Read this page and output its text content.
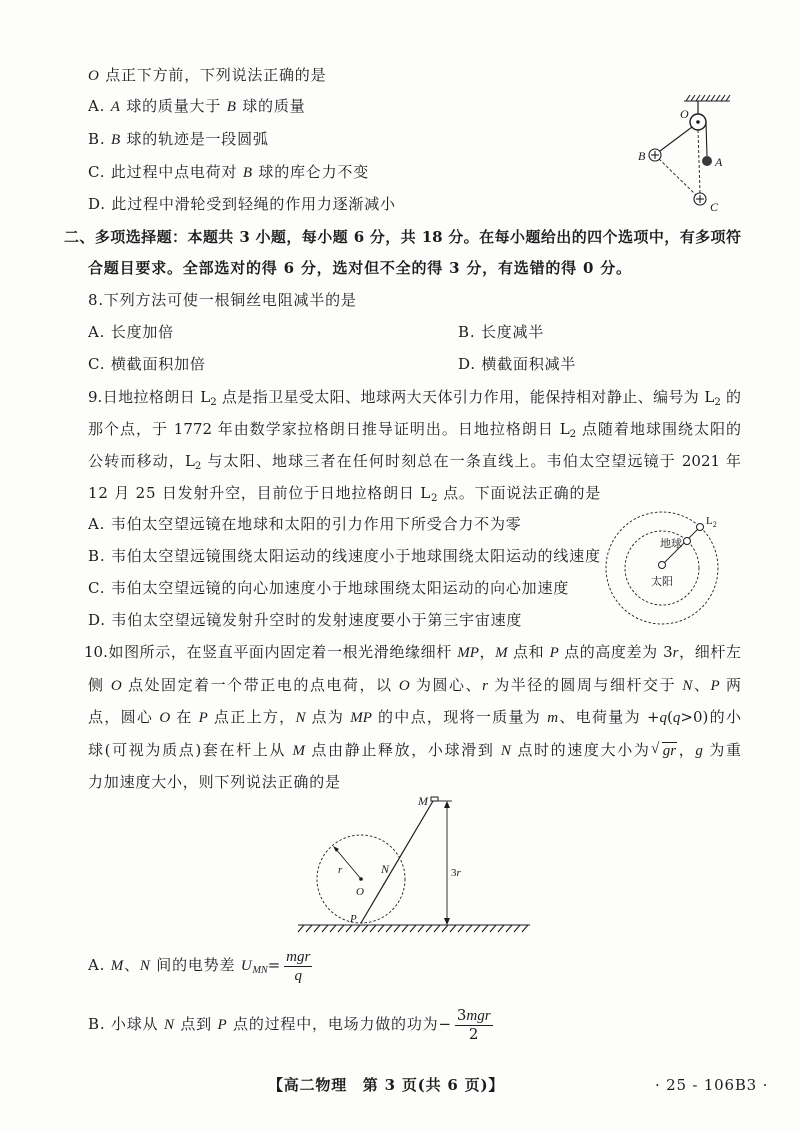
O 点正下方前，下列说法正确的是
A. A 球的质量大于 B 球的质量
B. B 球的轨迹是一段圆弧
C. 此过程中点电荷对 B 球的库仑力不变
D. 此过程中滑轮受到轻绳的作用力逐渐减小
O
A
B
C
二、多项选择题：本题共 3 小题，每小题 6 分，共 18 分。在每小题给出的四个选项中，有多项符
合题目要求。全部选对的得 6 分，选对但不全的得 3 分，有选错的得 0 分。
8.下列方法可使一根铜丝电阻减半的是
A. 长度加倍	B. 长度减半
C. 横截面积加倍	D. 横截面积减半
9.日地拉格朗日 $L_2$ 点是指卫星受太阳、地球两大天体引力作用，能保持相对静止、编号为 $L_2$ 的
那个点，于 1772 年由数学家拉格朗日推导证明出。日地拉格朗日 $L_2$ 点随着地球围绕太阳的
公转而移动，$L_2$ 与太阳、地球三者在任何时刻总在一条直线上。韦伯太空望远镜于 2021 年
12 月 25 日发射升空，目前位于日地拉格朗日 $L_2$ 点。下面说法正确的是
A. 韦伯太空望远镜在地球和太阳的引力作用下所受合力不为零
B. 韦伯太空望远镜围绕太阳运动的线速度小于地球围绕太阳运动的线速度
C. 韦伯太空望远镜的向心加速度小于地球围绕太阳运动的向心加速度
D. 韦伯太空望远镜发射升空时的发射速度要小于第三宇宙速度
太阳
地球
$L_2$
10.如图所示，在竖直平面内固定着一根光滑绝缘细杆 MP，M 点和 P 点的高度差为 3r，细杆左
侧 O 点处固定着一个带正电的点电荷，以 O 为圆心、r 为半径的圆周与细杆交于 N、P 两
点，圆心 O 在 P 点正上方，N 点为 MP 的中点，现将一质量为 m、电荷量为 +q(q>0)的小
球(可视为质点)套在杆上从 M 点由静止释放，小球滑到 N 点时的速度大小为√ gr，g 为重
力加速度大小，则下列说法正确的是
M
N
O
P
r	3r
A. M、N 间的电势差 $U_{MN}= \frac{\text{mgr}}{q}$
B. 小球从 N 点到 P 点的过程中，电场力做的功为− $\frac{\text{3mgr}}{2}$
【高二物理　第 3 页(共 6 页)】	· 25 - 106B3 ·
